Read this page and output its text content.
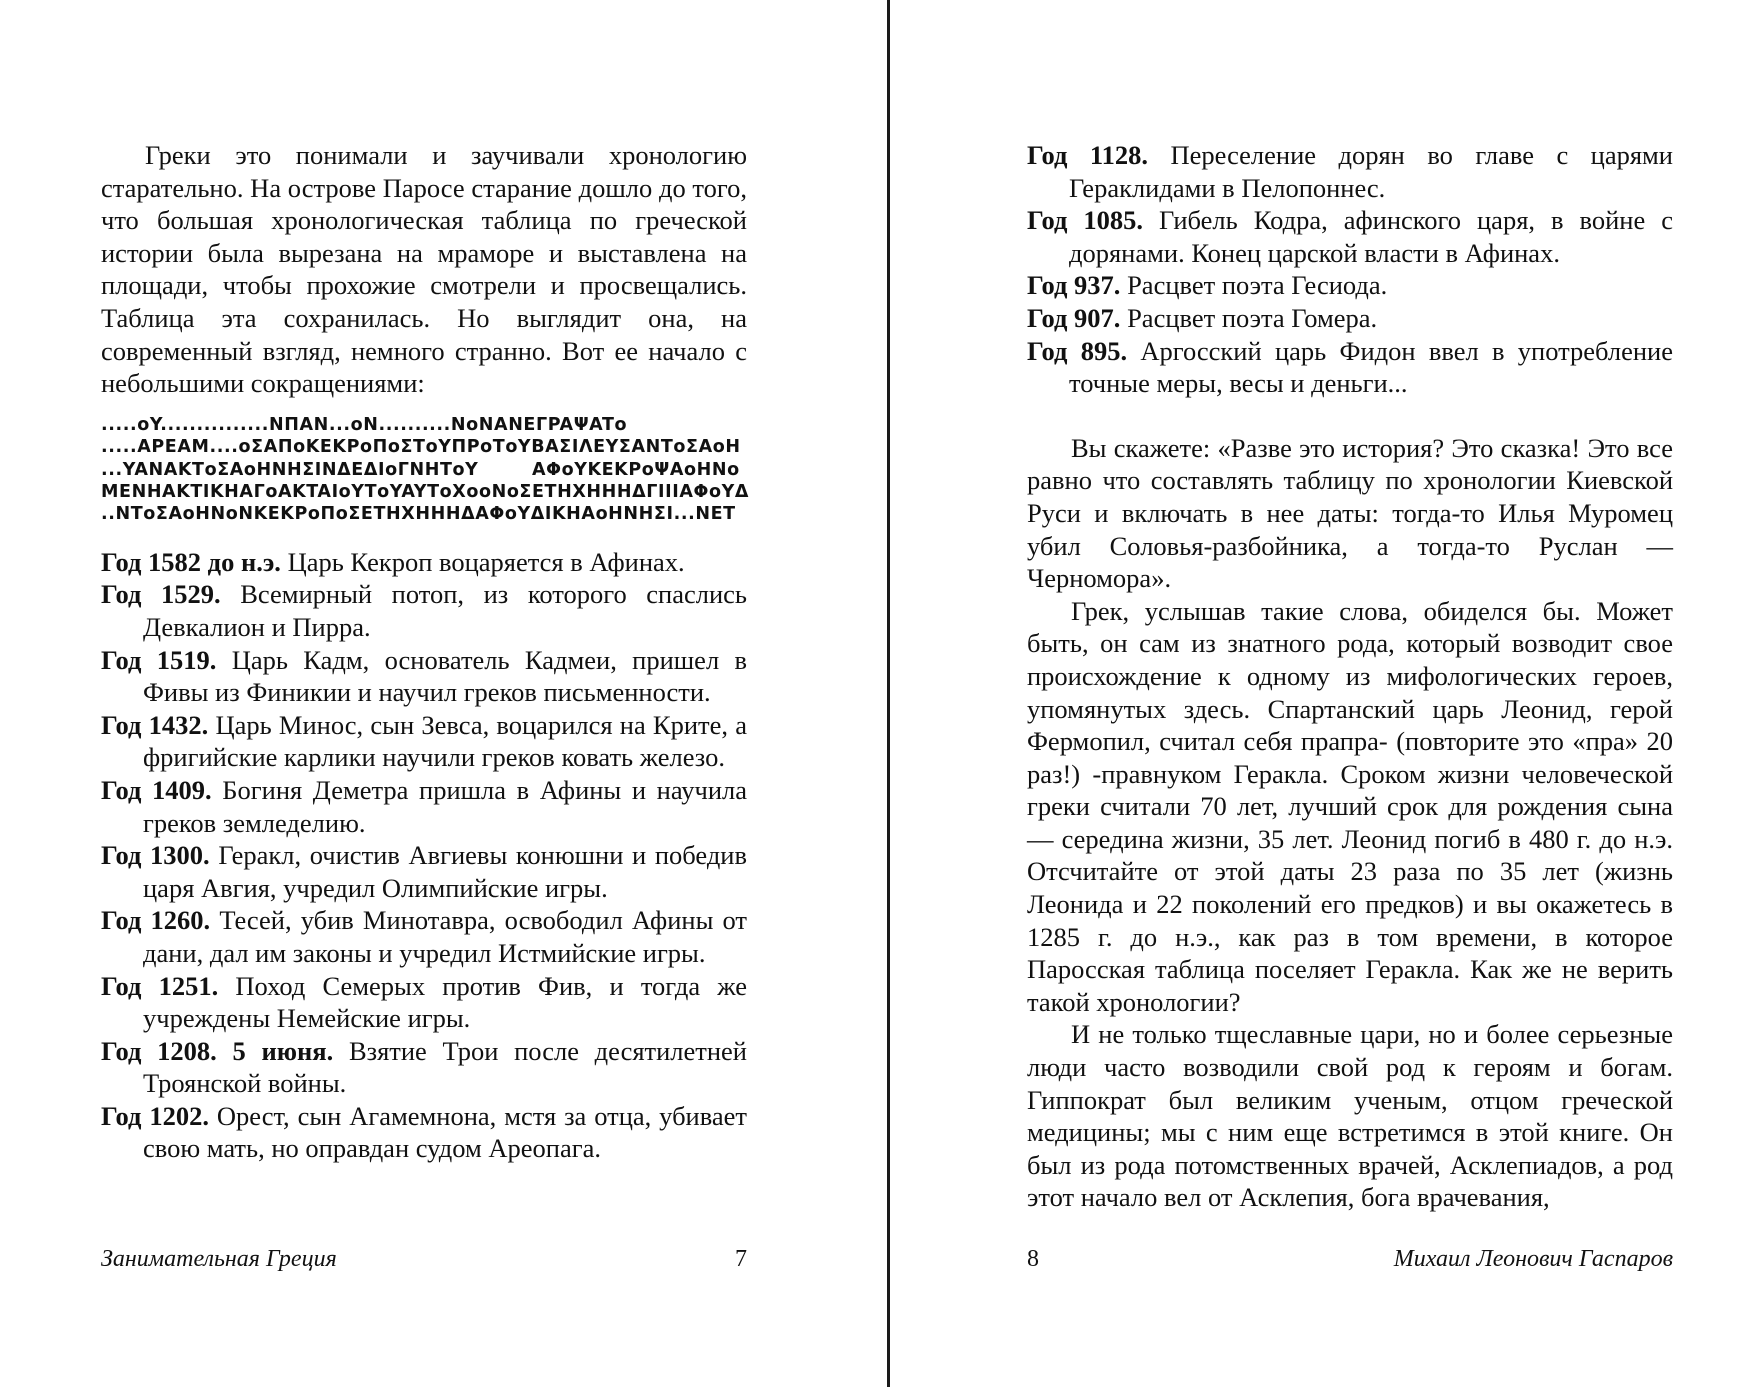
Греки это понимали и заучивали хронологию старательно. На острове Паросе старание дошло до того, что большая хронологическая таблица по греческой истории была вырезана на мраморе и выставлена на площади, чтобы прохожие смотрели и просвещались. Таблица эта сохранилась. Но выглядит она, на современный взгляд, немного странно. Вот ее начало с небольшими сокращениями:

.....ᴏY...............NΠAN...ᴏN..........NᴏNANEΓPAΨATᴏ
.....APEAM....ᴏΣAΠᴏKEKPᴏΠᴏΣTᴏYΠPᴏTᴏYBAΣIΛEYΣANTᴏΣAᴏH
...YANAKTᴏΣAᴏHNHΣINΔEΔIᴏΓNHTᴏY        AΦᴏYKEKPᴏΨAᴏHNᴏ
MENHAKTIKHAΓᴏAKTAIᴏYTᴏYAYTᴏXᴏᴏNᴏΣETHXHHHΔΓIIIAΦᴏYΔ
..NTᴏΣAᴏHNᴏNKEKPᴏΠᴏΣETHXHHHΔAΦᴏYΔIKHAᴏHNHΣI...NET

Год 1582 до н.э. Царь Кекроп воцаряется в Афинах.

Год 1529. Всемирный потоп, из которого спаслись Девкалион и Пирра.

Год 1519. Царь Кадм, основатель Кадмеи, пришел в Фивы из Финикии и научил греков письменности.

Год 1432. Царь Минос, сын Зевса, воцарился на Крите, а фригийские карлики научили греков ковать железо.

Год 1409. Богиня Деметра пришла в Афины и научила греков земледелию.

Год 1300. Геракл, очистив Авгиевы конюшни и победив царя Авгия, учредил Олимпийские игры.

Год 1260. Тесей, убив Минотавра, освободил Афины от дани, дал им законы и учредил Истмийские игры.

Год 1251. Поход Семерых против Фив, и тогда же учреждены Немейские игры.

Год 1208. 5 июня. Взятие Трои после десятилетней Троянской войны.

Год 1202. Орест, сын Агамемнона, мстя за отца, убивает свою мать, но оправдан судом Ареопага.

Занимательная Греция	7

Год 1128. Переселение дорян во главе с царями Гераклидами в Пелопоннес.

Год 1085. Гибель Кодра, афинского царя, в войне с дорянами. Конец царской власти в Афинах.

Год 937. Расцвет поэта Гесиода.

Год 907. Расцвет поэта Гомера.

Год 895. Аргосский царь Фидон ввел в употребление точные меры, весы и деньги...

Вы скажете: «Разве это история? Это сказка! Это все равно что составлять таблицу по хронологии Киевской Руси и включать в нее даты: тогда-то Илья Муромец убил Соловья-разбойника, а тогда-то Руслан — Черномора».

Грек, услышав такие слова, обиделся бы. Может быть, он сам из знатного рода, который возводит свое происхождение к одному из мифологических героев, упомянутых здесь. Спартанский царь Леонид, герой Фермопил, считал себя прапра- (повторите это «пра» 20 раз!) -правнуком Геракла. Сроком жизни человеческой греки считали 70 лет, лучший срок для рождения сына — середина жизни, 35 лет. Леонид погиб в 480 г. до н.э. Отсчитайте от этой даты 23 раза по 35 лет (жизнь Леонида и 22 поколений его предков) и вы окажетесь в 1285 г. до н.э., как раз в том времени, в которое Паросская таблица поселяет Геракла. Как же не верить такой хронологии?

И не только тщеславные цари, но и более серьезные люди часто возводили свой род к героям и богам. Гиппократ был великим ученым, отцом греческой медицины; мы с ним еще встретимся в этой книге. Он был из рода потомственных врачей, Асклепиадов, а род этот начало вел от Асклепия, бога врачевания,

8	Михаил Леонович Гаспаров
